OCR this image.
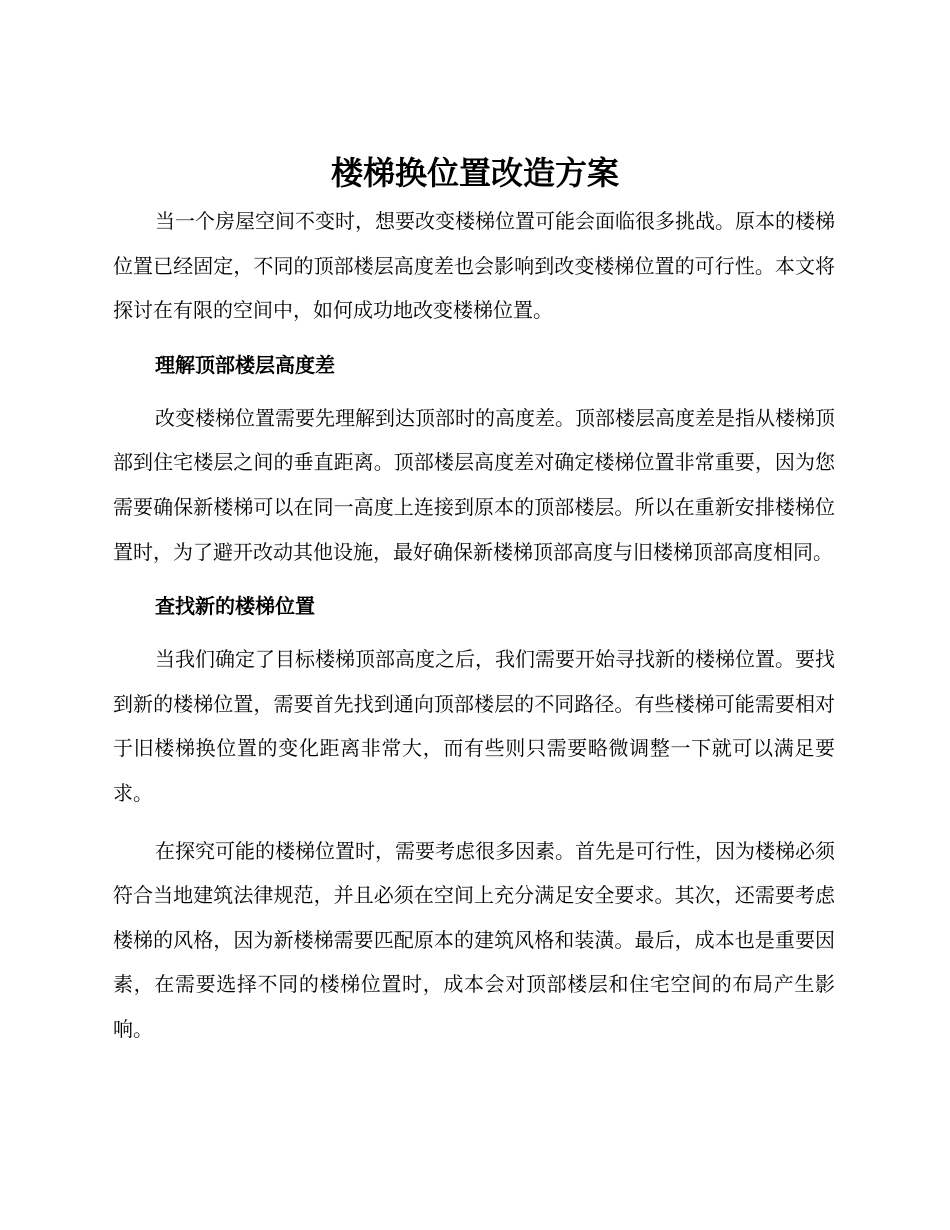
楼梯换位置改造方案

当一个房屋空间不变时，想要改变楼梯位置可能会面临很多挑战。原本的楼梯位置已经固定，不同的顶部楼层高度差也会影响到改变楼梯位置的可行性。本文将探讨在有限的空间中，如何成功地改变楼梯位置。

理解顶部楼层高度差

改变楼梯位置需要先理解到达顶部时的高度差。顶部楼层高度差是指从楼梯顶部到住宅楼层之间的垂直距离。顶部楼层高度差对确定楼梯位置非常重要，因为您需要确保新楼梯可以在同一高度上连接到原本的顶部楼层。所以在重新安排楼梯位置时，为了避开改动其他设施，最好确保新楼梯顶部高度与旧楼梯顶部高度相同。

查找新的楼梯位置

当我们确定了目标楼梯顶部高度之后，我们需要开始寻找新的楼梯位置。要找到新的楼梯位置，需要首先找到通向顶部楼层的不同路径。有些楼梯可能需要相对于旧楼梯换位置的变化距离非常大，而有些则只需要略微调整一下就可以满足要求。

在探究可能的楼梯位置时，需要考虑很多因素。首先是可行性，因为楼梯必须符合当地建筑法律规范，并且必须在空间上充分满足安全要求。其次，还需要考虑楼梯的风格，因为新楼梯需要匹配原本的建筑风格和装潢。最后，成本也是重要因素，在需要选择不同的楼梯位置时，成本会对顶部楼层和住宅空间的布局产生影响。
